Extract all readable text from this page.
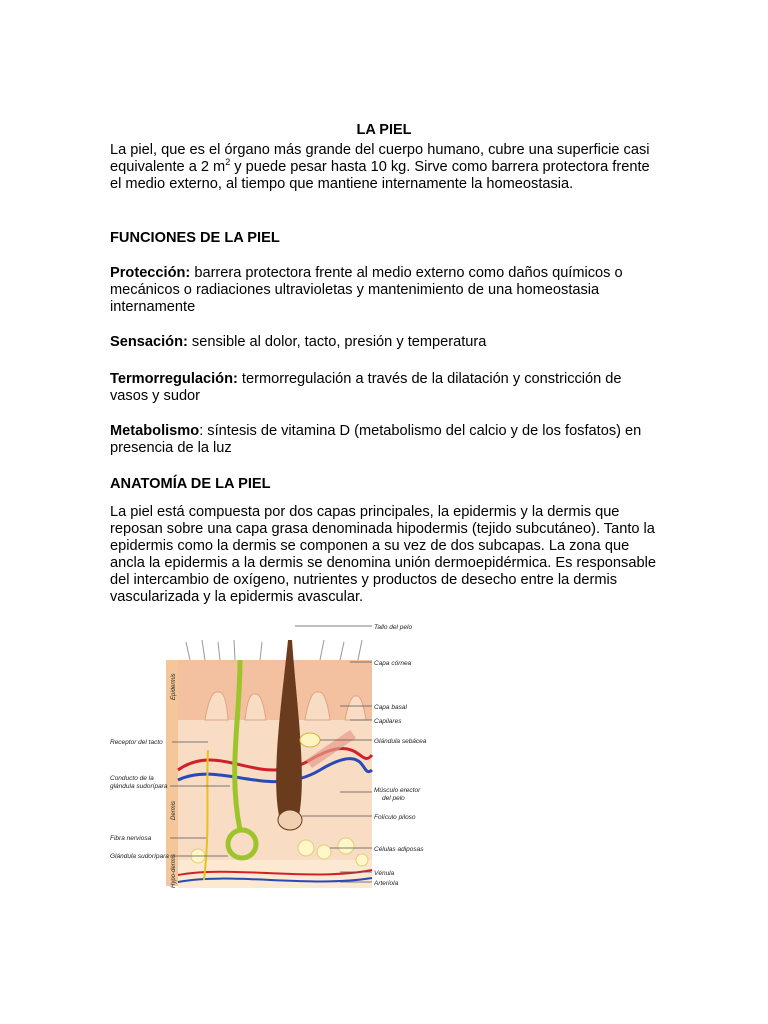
LA PIEL

La piel, que es el órgano más grande del cuerpo humano, cubre una superficie casi equivalente a 2 $m^2$ y puede pesar hasta 10 kg. Sirve como barrera protectora frente el medio externo, al tiempo que mantiene internamente la homeostasia.

FUNCIONES DE LA PIEL

Protección: barrera protectora frente al medio externo como daños químicos o mecánicos o radiaciones ultravioletas y mantenimiento de una homeostasia internamente

Sensación: sensible al dolor, tacto, presión y temperatura

Termorregulación: termorregulación a través de la dilatación y constricción de vasos y sudor

Metabolismo: síntesis de vitamina D (metabolismo del calcio y de los fosfatos) en presencia de la luz

ANATOMÍA DE LA PIEL

La piel está compuesta por dos capas principales, la epidermis y la dermis que reposan sobre una capa grasa denominada hipodermis (tejido subcutáneo). Tanto la epidermis como la dermis se componen a su vez de dos subcapas. La zona que ancla la epidermis a la dermis se denomina unión dermoepidérmica. Es responsable del intercambio de oxígeno, nutrientes y productos de desecho entre la dermis vascularizada y la epidermis avascular.

Epidermis
Dermis
Hypo-dermis
Receptor del tacto
Conducto de la
glándula sudorípara
Fibra nerviosa
Glándula sudorípara
Tallo del pelo
Capa córnea
Capa basal
Capilares
Glándula sebácea
Músculo erector
del pelo
Folículo piloso
Células adiposas
Vénula
Arteriola
